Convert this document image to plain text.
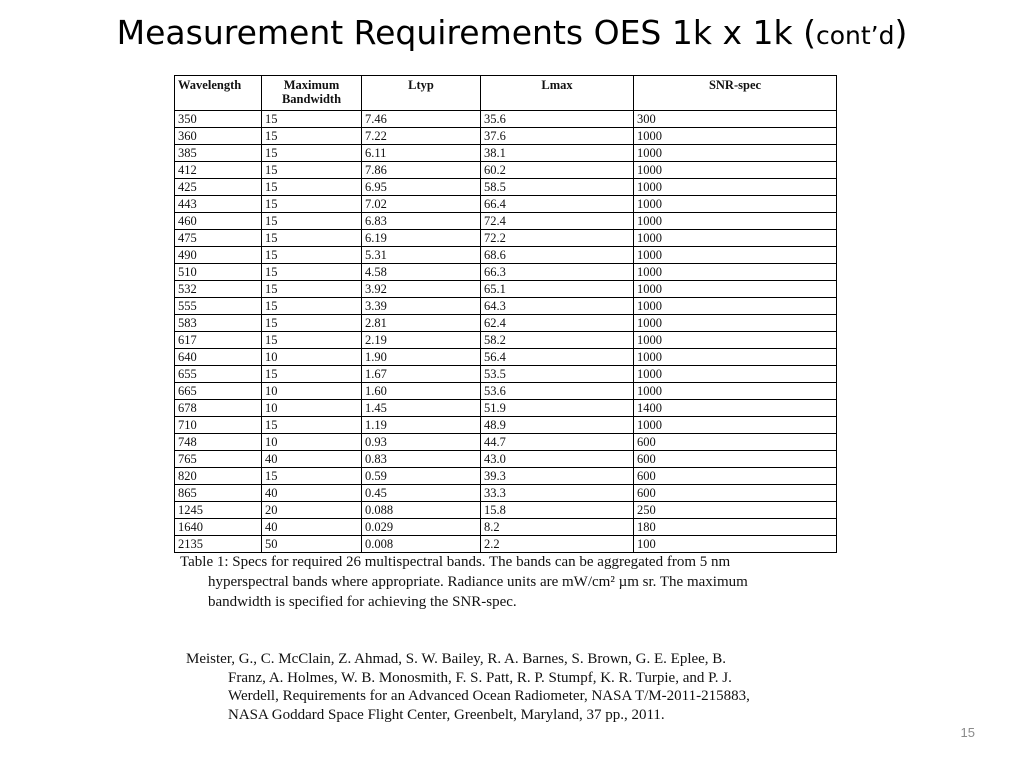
Measurement Requirements OES 1k x 1k (cont’d)
Wavelength	Maximum Bandwidth	Ltyp	Lmax	SNR-spec
350	15	7.46	35.6	300
360	15	7.22	37.6	1000
385	15	6.11	38.1	1000
412	15	7.86	60.2	1000
425	15	6.95	58.5	1000
443	15	7.02	66.4	1000
460	15	6.83	72.4	1000
475	15	6.19	72.2	1000
490	15	5.31	68.6	1000
510	15	4.58	66.3	1000
532	15	3.92	65.1	1000
555	15	3.39	64.3	1000
583	15	2.81	62.4	1000
617	15	2.19	58.2	1000
640	10	1.90	56.4	1000
655	15	1.67	53.5	1000
665	10	1.60	53.6	1000
678	10	1.45	51.9	1400
710	15	1.19	48.9	1000
748	10	0.93	44.7	600
765	40	0.83	43.0	600
820	15	0.59	39.3	600
865	40	0.45	33.3	600
1245	20	0.088	15.8	250
1640	40	0.029	8.2	180
2135	50	0.008	2.2	100
Table 1: Specs for required 26 multispectral bands. The bands can be aggregated from 5 nm
hyperspectral bands where appropriate. Radiance units are mW/cm² µm sr. The maximum
bandwidth is specified for achieving the SNR-spec.
Meister, G., C. McClain, Z. Ahmad, S. W. Bailey, R. A. Barnes, S. Brown, G. E. Eplee, B.
Franz, A. Holmes, W. B. Monosmith, F. S. Patt, R. P. Stumpf, K. R. Turpie, and P. J.
Werdell, Requirements for an Advanced Ocean Radiometer, NASA T/M-2011-215883,
NASA Goddard Space Flight Center, Greenbelt, Maryland, 37 pp., 2011.
15
